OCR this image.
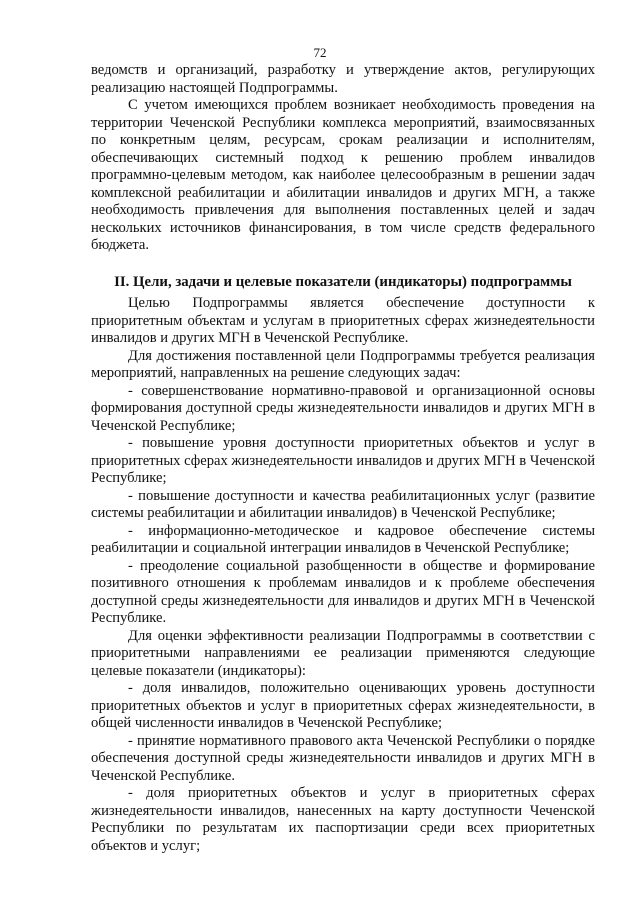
72

ведомств и организаций, разработку и утверждение актов, регулирующих реализацию настоящей Подпрограммы.

С учетом имеющихся проблем возникает необходимость проведения на территории Чеченской Республики комплекса мероприятий, взаимосвязанных по конкретным целям, ресурсам, срокам реализации и исполнителям, обеспечивающих системный подход к решению проблем инвалидов программно-целевым методом, как наиболее целесообразным в решении задач комплексной реабилитации и абилитации инвалидов и других МГН, а также необходимость привлечения для выполнения поставленных целей и задач нескольких источников финансирования, в том числе средств федерального бюджета.

II. Цели, задачи и целевые показатели (индикаторы) подпрограммы

Целью Подпрограммы является обеспечение доступности к приоритетным объектам и услугам в приоритетных сферах жизнедеятельности инвалидов и других МГН в Чеченской Республике.

Для достижения поставленной цели Подпрограммы требуется реализация мероприятий, направленных на решение следующих задач:

- совершенствование нормативно-правовой и организационной основы формирования доступной среды жизнедеятельности инвалидов и других МГН в Чеченской Республике;

- повышение уровня доступности приоритетных объектов и услуг в приоритетных сферах жизнедеятельности инвалидов и других МГН в Чеченской Республике;

- повышение доступности и качества реабилитационных услуг (развитие системы реабилитации и абилитации инвалидов) в Чеченской Республике;

- информационно-методическое и кадровое обеспечение системы реабилитации и социальной интеграции инвалидов в Чеченской Республике;

- преодоление социальной разобщенности в обществе и формирование позитивного отношения к проблемам инвалидов и к проблеме обеспечения доступной среды жизнедеятельности для инвалидов и других МГН в Чеченской Республике.

Для оценки эффективности реализации Подпрограммы в соответствии с приоритетными направлениями ее реализации применяются следующие целевые показатели (индикаторы):

- доля инвалидов, положительно оценивающих уровень доступности приоритетных объектов и услуг в приоритетных сферах жизнедеятельности, в общей численности инвалидов в Чеченской Республике;

- принятие нормативного правового акта Чеченской Республики о порядке обеспечения доступной среды жизнедеятельности инвалидов и других МГН в Чеченской Республике.

- доля приоритетных объектов и услуг в приоритетных сферах жизнедеятельности инвалидов, нанесенных на карту доступности Чеченской Республики по результатам их паспортизации среди всех приоритетных объектов и услуг;
